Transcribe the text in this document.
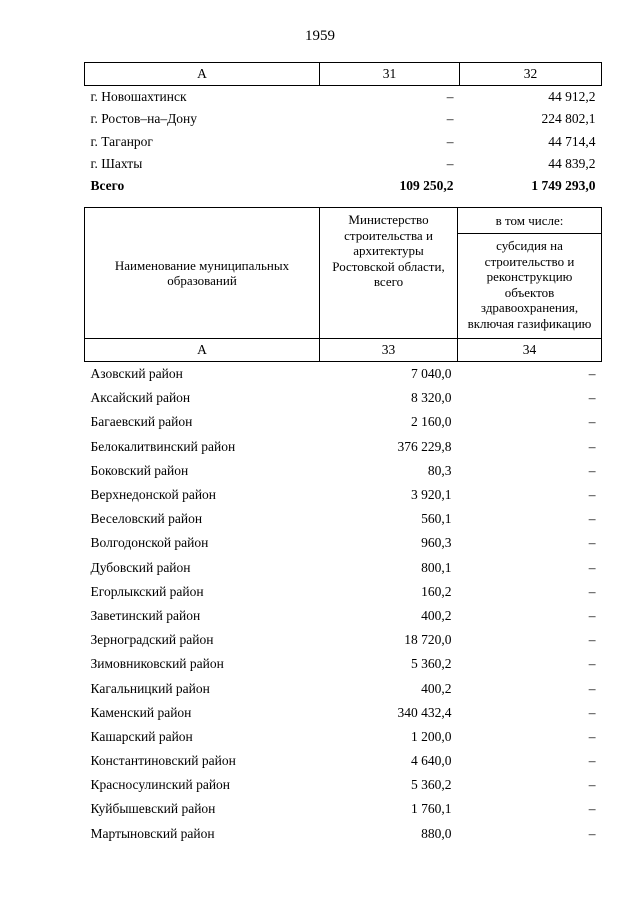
1959
А	31	32
г. Новошахтинск	–	44 912,2
г. Ростов–на–Дону	–	224 802,1
г. Таганрог	–	44 714,4
г. Шахты	–	44 839,2
Всего	109 250,2	1 749 293,0
Наименование муниципальных образований	Министерство строительства и архитектуры Ростовской области, всего	в том числе:
		субсидия на строительство и реконструкцию объектов здравоохранения, включая газификацию
А	33	34
Азовский район	7 040,0	–
Аксайский район	8 320,0	–
Багаевский район	2 160,0	–
Белокалитвинский район	376 229,8	–
Боковский район	80,3	–
Верхнедонской район	3 920,1	–
Веселовский район	560,1	–
Волгодонской район	960,3	–
Дубовский район	800,1	–
Егорлыкский район	160,2	–
Заветинский район	400,2	–
Зерноградский район	18 720,0	–
Зимовниковский район	5 360,2	–
Кагальницкий район	400,2	–
Каменский район	340 432,4	–
Кашарский район	1 200,0	–
Константиновский район	4 640,0	–
Красносулинский район	5 360,2	–
Куйбышевский район	1 760,1	–
Мартыновский район	880,0	–
